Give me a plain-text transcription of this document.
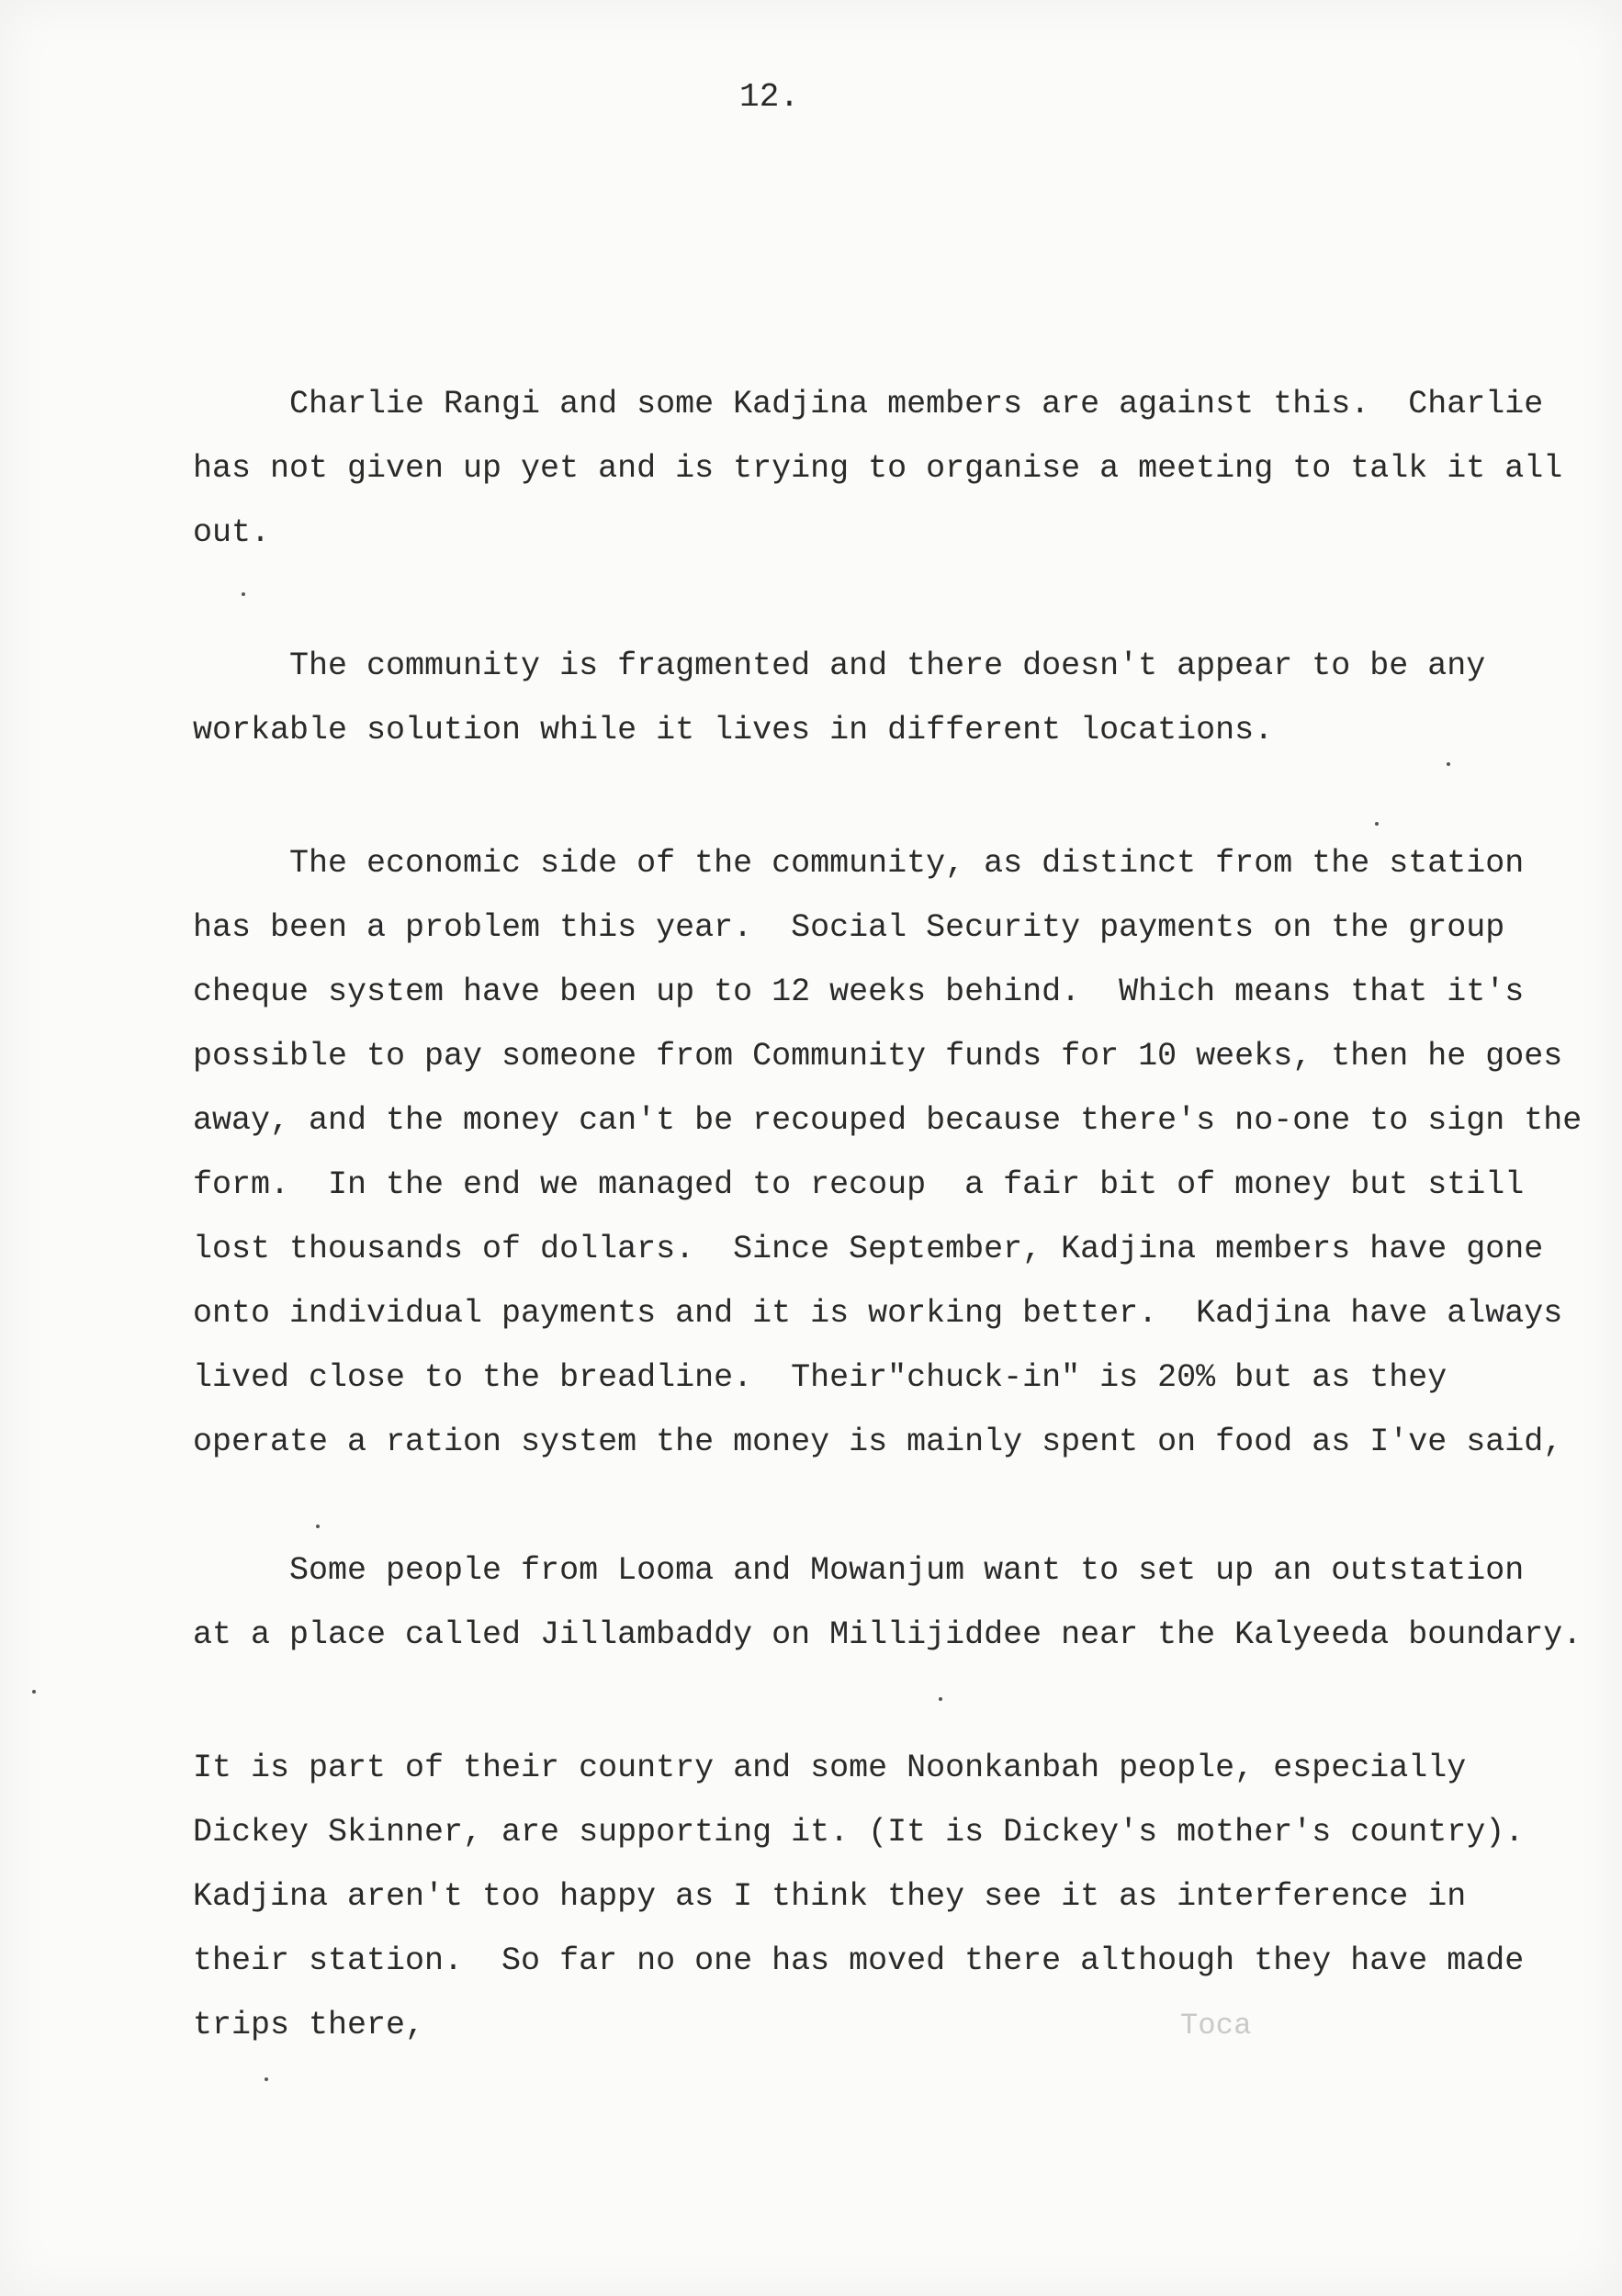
12.
Charlie Rangi and some Kadjina members are against this.  Charlie
has not given up yet and is trying to organise a meeting to talk it all
out.
The community is fragmented and there doesn't appear to be any
workable solution while it lives in different locations.
The economic side of the community, as distinct from the station
has been a problem this year.  Social Security payments on the group
cheque system have been up to 12 weeks behind.  Which means that it's
possible to pay someone from Community funds for 10 weeks, then he goes
away, and the money can't be recouped because there's no-one to sign the
form.  In the end we managed to recoup  a fair bit of money but still
lost thousands of dollars.  Since September, Kadjina members have gone
onto individual payments and it is working better.  Kadjina have always
lived close to the breadline.  Their"chuck-in" is 20% but as they
operate a ration system the money is mainly spent on food as I've said,
Some people from Looma and Mowanjum want to set up an outstation
at a place called Jillambaddy on Millijiddee near the Kalyeeda boundary.
It is part of their country and some Noonkanbah people, especially
Dickey Skinner, are supporting it. (It is Dickey's mother's country).
Kadjina aren't too happy as I think they see it as interference in
their station.  So far no one has moved there although they have made
trips there,	Toca
